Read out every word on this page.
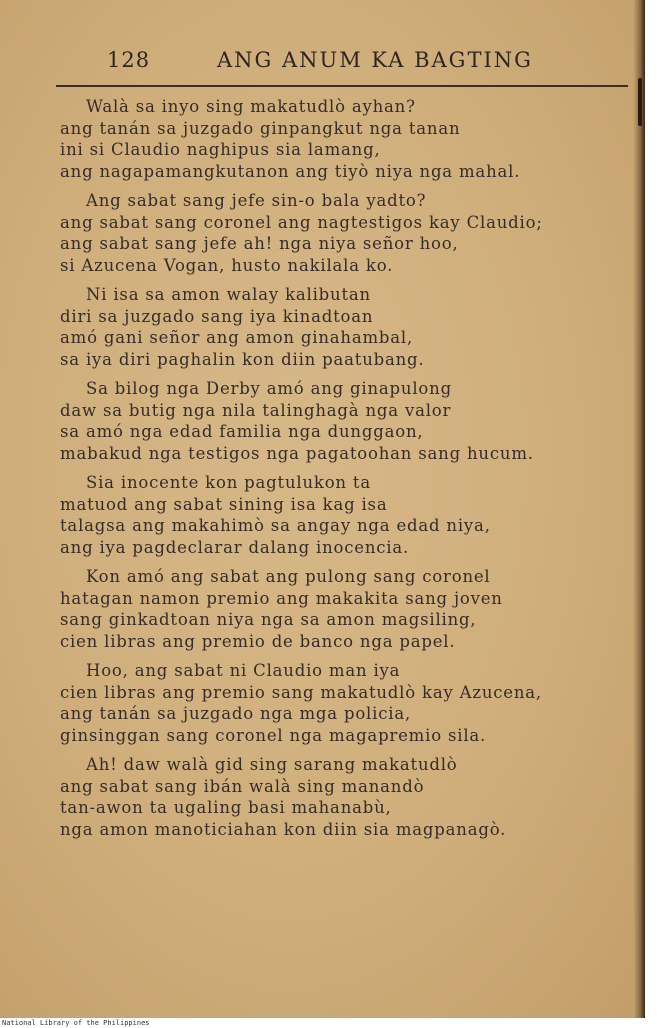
128	ANG ANUM KA BAGTING
Walà sa inyo sing makatudlò ayhan?
ang tanán sa juzgado ginpangkut nga tanan
ini si Claudio naghipus sia lamang,
ang nagapamangkutanon ang tiyò niya nga mahal.
Ang sabat sang jefe sin-o bala yadto?
ang sabat sang coronel ang nagtestigos kay Claudio;
ang sabat sang jefe ah! nga niya señor hoo,
si Azucena Vogan, husto nakilala ko.
Ni isa sa amon walay kalibutan
diri sa juzgado sang iya kinadtoan
amó gani señor ang amon ginahambal,
sa iya diri paghalin kon diin paatubang.
Sa bilog nga Derby amó ang ginapulong
daw sa butig nga nila talinghagà nga valor
sa amó nga edad familia nga dunggaon,
mabakud nga testigos nga pagatoohan sang hucum.
Sia inocente kon pagtulukon ta
matuod ang sabat sining isa kag isa
talagsa ang makahimò sa angay nga edad niya,
ang iya pagdeclarar dalang inocencia.
Kon amó ang sabat ang pulong sang coronel
hatagan namon premio ang makakita sang joven
sang ginkadtoan niya nga sa amon magsiling,
cien libras ang premio de banco nga papel.
Hoo, ang sabat ni Claudio man iya
cien libras ang premio sang makatudlò kay Azucena,
ang tanán sa juzgado nga mga policia,
ginsinggan sang coronel nga magapremio sila.
Ah! daw walà gid sing sarang makatudlò
ang sabat sang ibán walà sing manandò
tan-awon ta ugaling basi mahanabù,
nga amon manoticiahan kon diin sia magpanagò.
National Library of the Philippines
